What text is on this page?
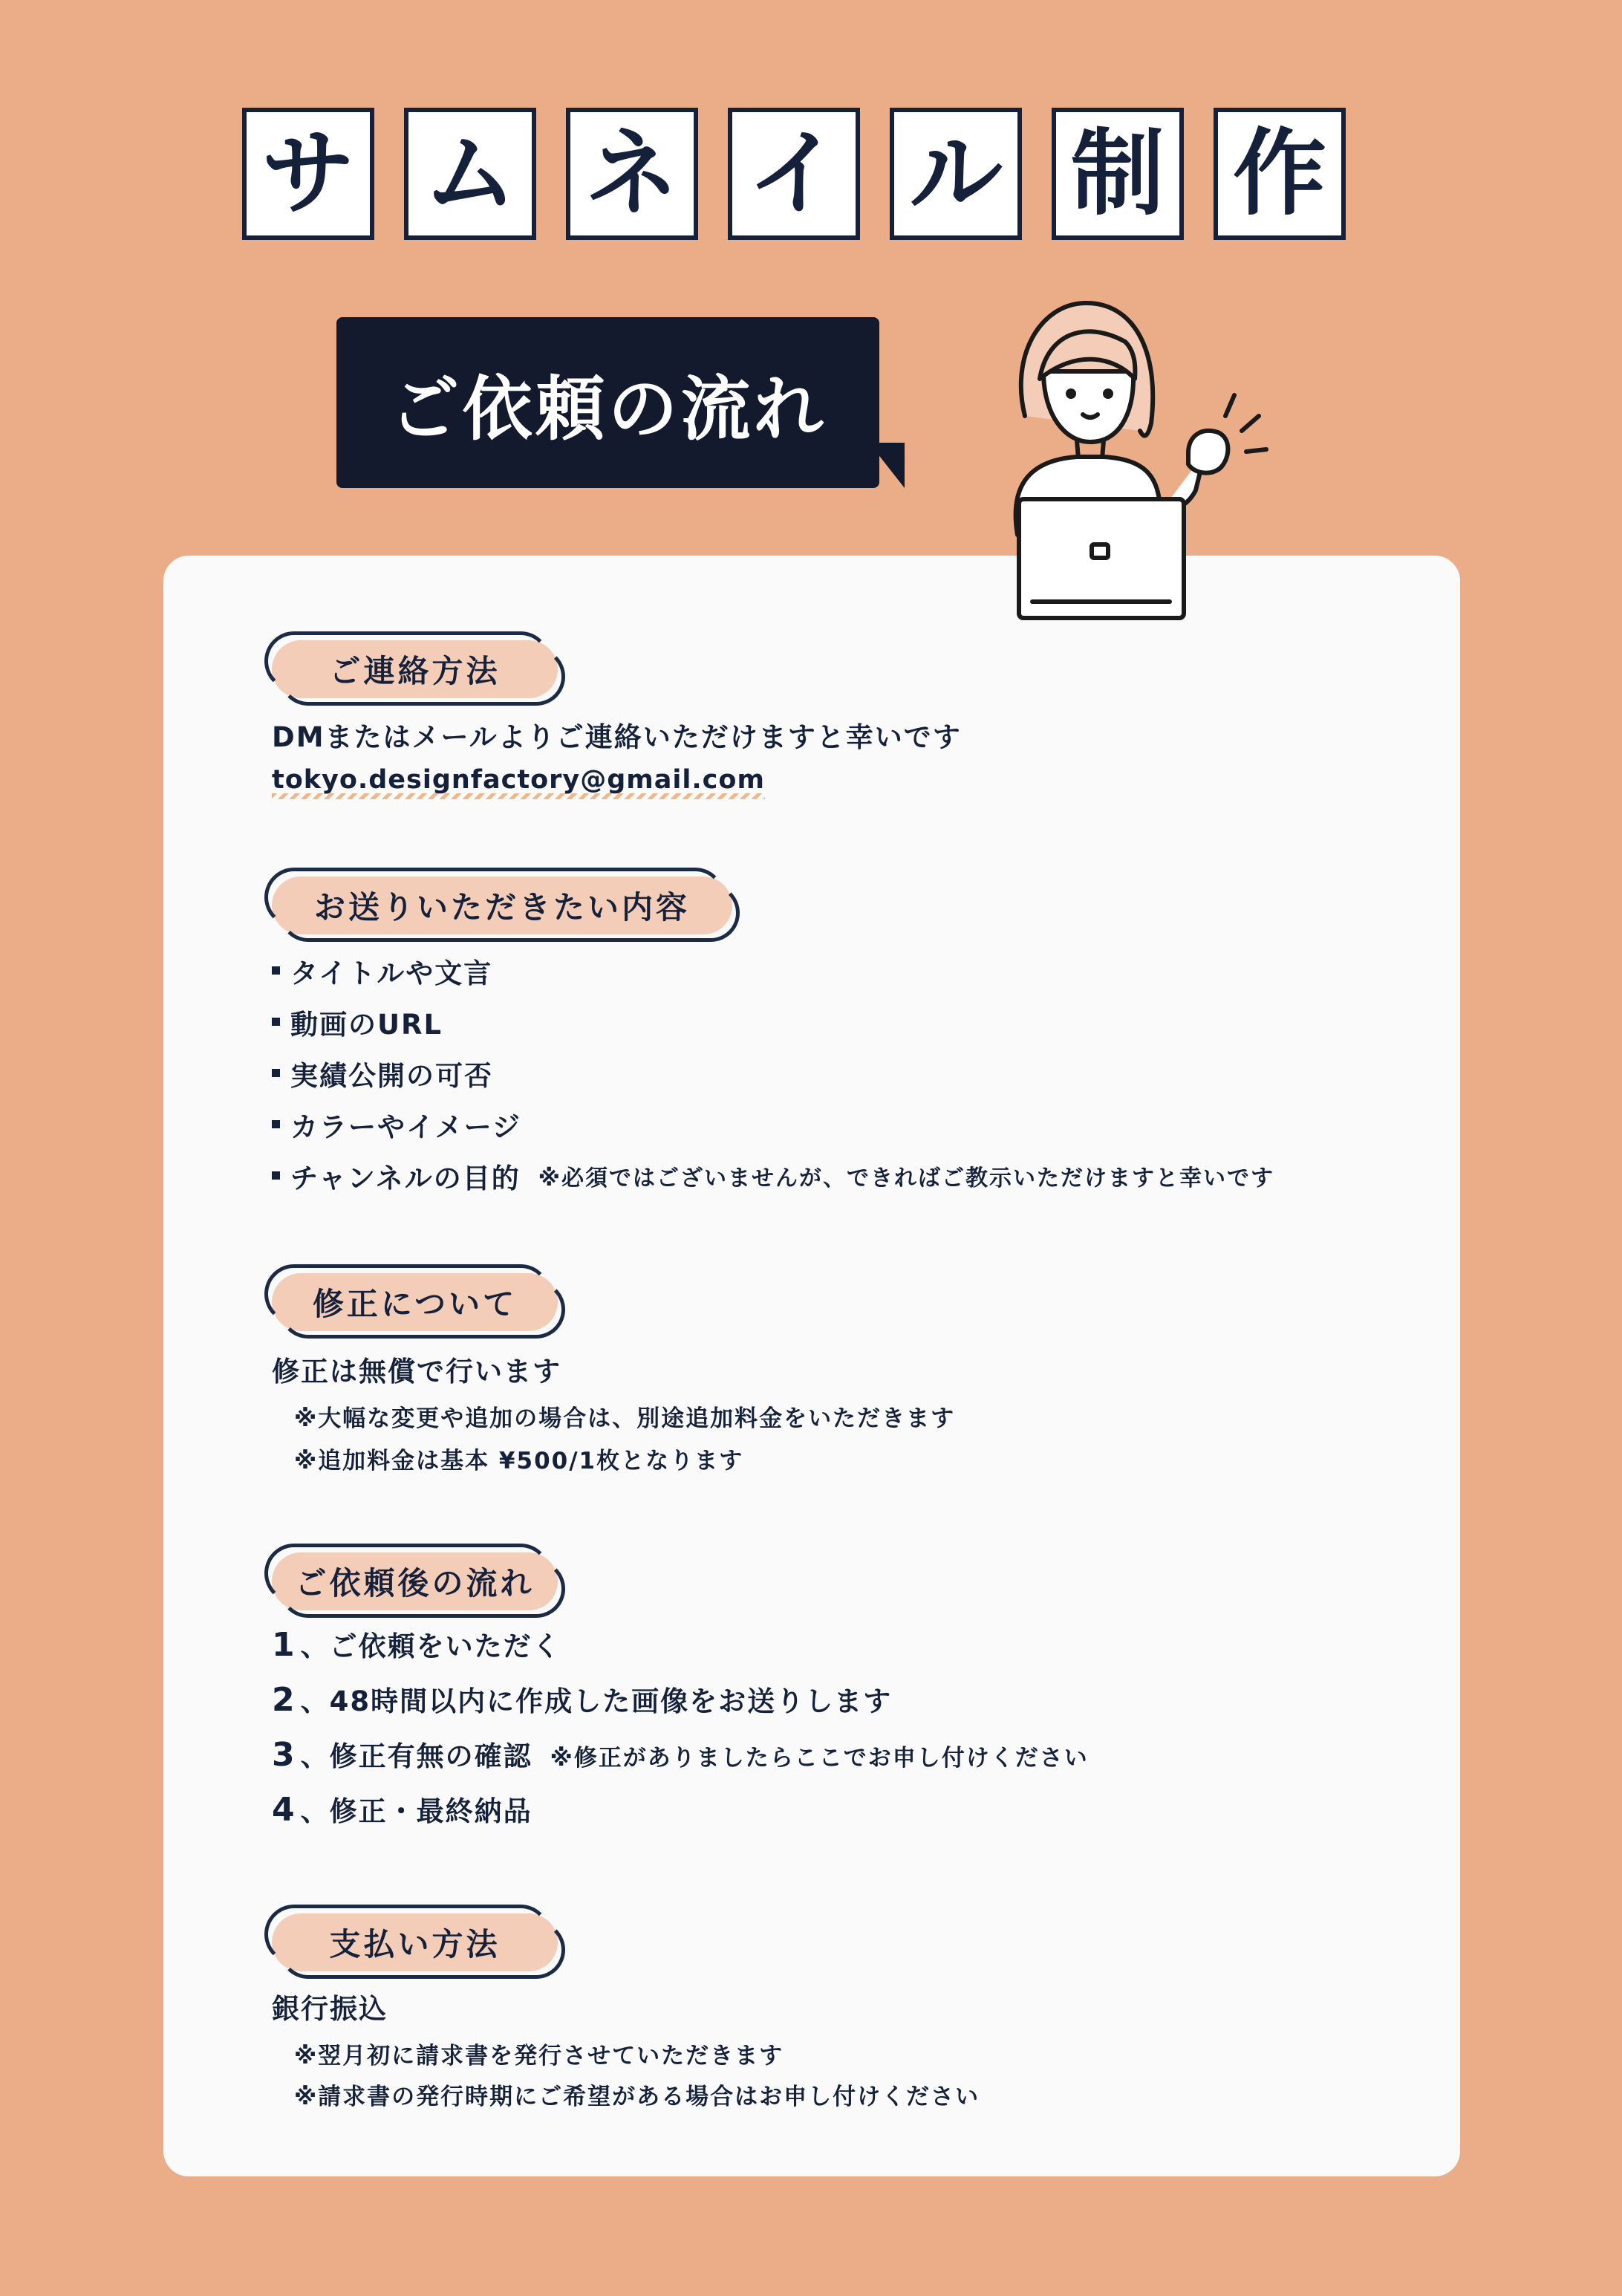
サ ム ネ イ ル 制 作
ご依頼の流れ
ご連絡方法
DMまたはメールよりご連絡いただけますと幸いです
tokyo.designfactory@gmail.com
お送りいただきたい内容
タイトルや文言
動画のURL
実績公開の可否
カラーやイメージ
チャンネルの目的 ※必須ではございませんが、できればご教示いただけますと幸いです
修正について
修正は無償で行います
※大幅な変更や追加の場合は、別途追加料金をいただきます
※追加料金は基本 ¥500/1枚となります
ご依頼後の流れ
1 、ご依頼をいただく
2 、48時間以内に作成した画像をお送りします
3 、修正有無の確認 ※修正がありましたらここでお申し付けください
4 、修正・最終納品
支払い方法
銀行振込
※翌月初に請求書を発行させていただきます
※請求書の発行時期にご希望がある場合はお申し付けください
